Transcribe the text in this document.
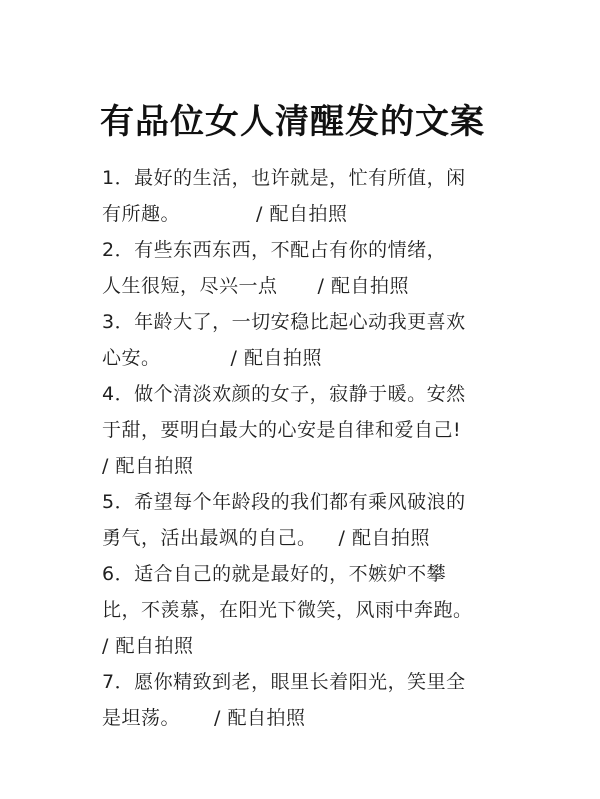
有品位女人清醒发的文案
1．最好的生活，也许就是，忙有所值，闲
有所趣。	/ 配自拍照
2．有些东西东西，不配占有你的情绪，
人生很短，尽兴一点 / 配自拍照
3．年龄大了，一切安稳比起心动我更喜欢
心安。	/ 配自拍照
4．做个清淡欢颜的女子，寂静于暖。安然
于甜，要明白最大的心安是自律和爱自己!
/ 配自拍照
5．希望每个年龄段的我们都有乘风破浪的
勇气，活出最飒的自己。 / 配自拍照
6．适合自己的就是最好的，不嫉妒不攀
比，不羡慕，在阳光下微笑，风雨中奔跑。
/ 配自拍照
7．愿你精致到老，眼里长着阳光，笑里全
是坦荡。 / 配自拍照
